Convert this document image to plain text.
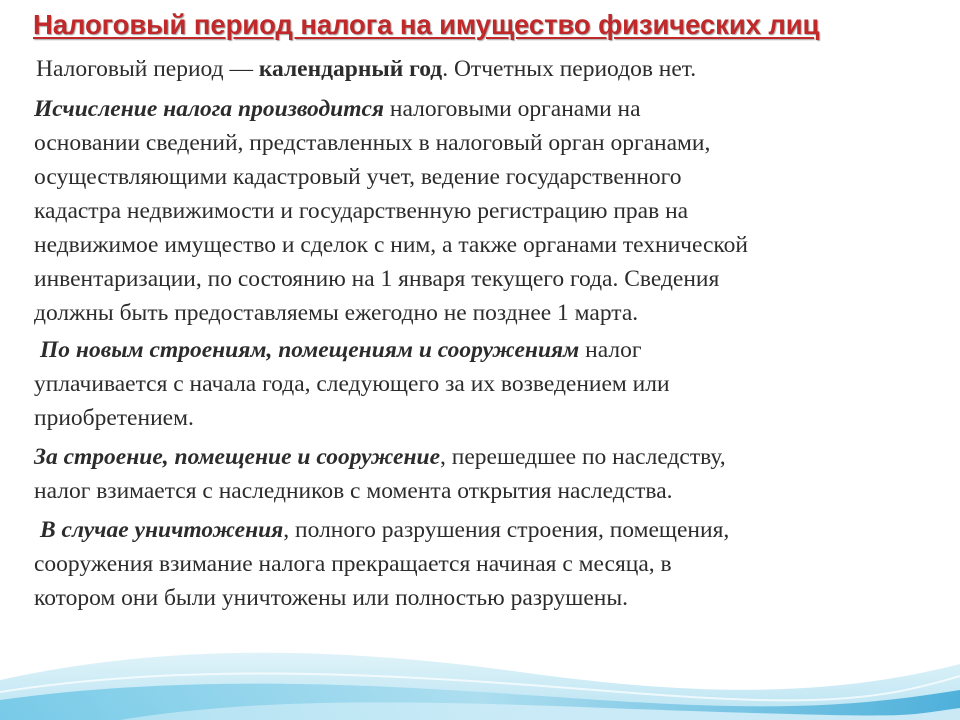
Налоговый период налога на имущество физических лиц
Налоговый период — календарный год. Отчетных периодов нет.
Исчисление налога производится налоговыми органами на
основании сведений, представленных в налоговый орган органами,
осуществляющими кадастровый учет, ведение государственного
кадастра недвижимости и государственную регистрацию прав на
недвижимое имущество и сделок с ним, а также органами технической
инвентаризации, по состоянию на 1 января текущего года. Сведения
должны быть предоставляемы ежегодно не позднее 1 марта.
По новым строениям, помещениям и сооружениям налог
уплачивается с начала года, следующего за их возведением или
приобретением.
За строение, помещение и сооружение, перешедшее по наследству,
налог взимается с наследников с момента открытия наследства.
В случае уничтожения, полного разрушения строения, помещения,
сооружения взимание налога прекращается начиная с месяца, в
котором они были уничтожены или полностью разрушены.
